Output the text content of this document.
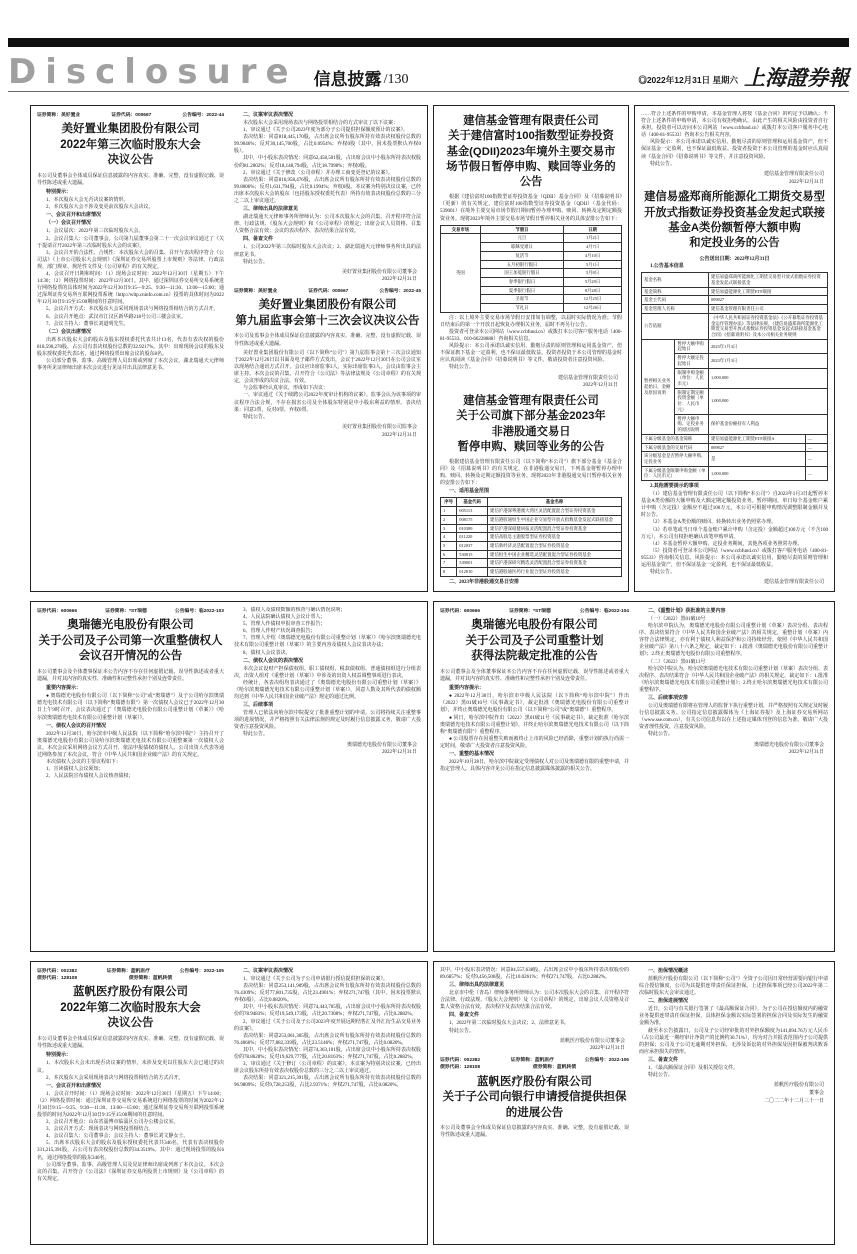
Disclosure 信息披露 /130	◎2022年12月31日 星期六 上海證券報
证券简称：美好置业	证券代码：000667	公告编号：2022-44
美好置业集团股份有限公司
2022年第三次临时股东大会
决议公告

本公司及董事会全体成员保证信息披露的内容真实、准确、完整，没有虚假记载、误导性陈述或重大遗漏。

特别提示：

1、本次股东大会无否决议案的情形。

2、本次股东大会不涉及变更前次股东大会决议。

一、会议召开和出席情况

（一）会议召开情况

1、会议届次：2022年第三次临时股东大会。

2、会议召集人：公司董事会。公司第九届董事会第二十一次会议审议通过了《关于提请召开2022年第三次临时股东大会的议案》。

3、会议召开的合法性、合规性：本次股东大会的召集、召开与表决程序符合《公司法》《上市公司股东大会规则》《深圳证券交易所股票上市规则》等法律、行政法规、部门规章、规范性文件及《公司章程》的有关规定。

4、会议召开日期和时间：（1）现场会议时间：2022年12月30日（星期五）下午14:30；（2）网络投票时间：2022年12月30日。其中，通过深圳证券交易所交易系统进行网络投票的具体时间为2022年12月30日9:15—9:25、9:30—11:30、13:00—15:00；通过深圳证券交易所互联网投票系统（http://wltp.cninfo.com.cn）投票的具体时间为2022年12月30日9:15至15:00期间的任意时间。

5、会议召开方式：本次股东大会采用现场表决与网络投票相结合的方式召开。

6、会议召开地点：武汉市江汉区新华路218号公司三楼会议室。

7、会议主持人：董事长刘道明先生。

（二）会议出席情况

出席本次股东大会的股东及股东授权委托代表共计13名，代表有表决权的股份818,590,270股，占公司有表决权股份总数的32.9217%。其中：出席现场会议的股东及股东授权委托代表5名，通过网络投票出席会议的股东8名。

公司部分董事、监事、高级管理人员出席或列席了本次会议，湖北瑞通天元律师事务所见证律师出席本次会议进行见证并出具法律意见书。

二、议案审议表决情况

本次股东大会采用现场表决与网络投票相结合的方式审议了以下议案：

1、审议通过《关于公司2023年度为部分子公司提供担保额度预计的议案》。

表决结果：同意818,445,170股，占出席会议所有股东所持有效表决权股份总数的99.9046%；反对30,145,700股，占比0.0954%；弃权0股（其中，因未投票默认弃权0股）。

其中，中小股东表决情况：同意62,458,501股，占出席会议中小股东所持表决权股份的81.2002%；反对18,148,794股，占比18.7998%；弃权0股。

2、审议通过《关于修改〈公司章程〉并办理工商变更登记的议案》。

表决结果：同意816,958,476股，占出席会议所有股东所持有效表决权股份总数的99.8006%；反对1,631,794股，占比0.1994%；弃权0股。本议案为特别决议议案，已经出席本次股东大会的股东（包括股东授权委托代表）所持有效表决权股份总数的三分之二以上审议通过。

三、律师出具的法律意见

湖北瑞通天元律师事务所律师认为：公司本次股东大会的召集、召开程序符合法律、行政法规、《股东大会规则》和《公司章程》的规定；出席会议人员资格、召集人资格合法有效；会议的表决程序、表决结果合法有效。

四、备查文件

1、公司2022年第三次临时股东大会决议；2、湖北瑞通天元律师事务所出具的法律意见书。

特此公告。

美好置业集团股份有限公司董事会
2022年12月31日
证券简称：美好置业	证券代码：000667	公告编号：2022-45
美好置业集团股份有限公司
第九届监事会第十三次会议决议公告

本公司及监事会全体成员保证信息披露的内容真实、准确、完整，没有虚假记载、误导性陈述或重大遗漏。

美好置业集团股份有限公司（以下简称“公司”）第九届监事会第十三次会议通知于2022年12月26日以书面及电子邮件方式发出，会议于2022年12月30日在公司会议室以现场结合通讯方式召开。会议应出席监事3人，实际出席监事3人。会议由监事会主席主持。本次会议的召集、召开符合《公司法》等法律法规及《公司章程》的有关规定，会议形成的决议合法、有效。

与会监事经认真审议，形成如下决议：

一、审议通过《关于续聘公司2022年度审计机构的议案》。监事会认为该事项的审议程序合法合规，不存在损害公司及全体股东特别是中小股东利益的情形。表决结果：同意3票，反对0票，弃权0票。

特此公告。

美好置业集团股份有限公司监事会
2022年12月31日
建信基金管理有限责任公司
关于建信富时100指数型证券投资
基金(QDII)2023年境外主要交易市
场节假日暂停申购、赎回等业务的
公告

根据《建信富时100指数型证券投资基金（QDII）基金合同》及《招募说明书》（更新）的有关规定，建信富时100指数型证券投资基金（QDII）（基金代码：539001）在境外主要交易市场节假日期间暂停办理申购、赎回、转换及定期定额投资业务。现将2023年境外主要交易市场节假日暂停相关业务的具体安排公告如下：

交易市场	节假日	日期
英国	元旦	1月2日
	耶稣受难日	4月7日
	复活节	4月10日
	五月初银行假日	5月1日
	国王加冕银行假日	5月8日
	春季银行假日	5月29日
	夏季银行假日	8月28日
	圣诞节	12月25日
	节礼日	12月26日

注：以上境外主要交易市场节假日安排如有调整，以届时实际情况为准；节假日结束后的第一个开放日起恢复办理相关业务，届时不再另行公告。

投资者可登录本公司网站（www.ccbfund.cn）或拨打本公司客户服务电话（400-81-95533、010-66228888）咨询相关信息。

风险提示：本公司承诺以诚实信用、勤勉尽责的原则管理和运用基金资产，但不保证旗下基金一定盈利，也不保证最低收益。投资者投资于本公司管理的基金时应认真阅读《基金合同》《招募说明书》等文件。敬请投资者注意投资风险。

特此公告。

建信基金管理有限责任公司
2022年12月31日
建信基金管理有限责任公司
关于公司旗下部分基金2023年
非港股通交易日
暂停申购、赎回等业务的公告

根据建信基金管理有限责任公司（以下简称“本公司”）旗下部分基金《基金合同》及《招募说明书》的有关规定，在非港股通交易日，下列基金将暂停办理申购、赎回、转换及定期定额投资等业务。现将2023年非港股通交易日暂停相关业务的安排公告如下：

一、适用基金范围

序号	基金代码	基金名称
1	005113	建信沪港深粤港澳大湾区灵活配置混合型证券投资基金
2	008175	建信港股通恒生中国企业交易型开放式指数基金发起式联接基金
3	010389	建信沪港深稳健回报灵活配置混合型证券投资基金
4	011220	建信高股息主题股票型证券投资基金
5	012037	建信新经济灵活配置混合型证券投资基金
6	530015	建信恒生中国企业精选灵活配置混合型证券投资基金
7	539001	建信沪港深研究精选灵活配置混合型证券投资基金
8	012810	建信港股通医药行业混合型证券投资基金

二、2023年非港股通交易日安排

……符合上述条件的申购申请，本基金管理人将按《基金合同》的约定予以确认；不符合上述条件的申购申请，本公司有权拒绝确认，由此产生的相关风险由投资者自行承担。投资者可以访问本公司网站（www.ccbfund.cn）或拨打本公司客户服务中心电话（400-81-95533）咨询本公告相关内容。

风险提示：本公司承诺以诚实信用、勤勉尽责的原则管理和运用基金资产，但不保证基金一定盈利，也不保证最低收益。投资者投资于本公司管理的基金时应认真阅读《基金合同》《招募说明书》等文件，并注意投资风险。

特此公告。

建信基金管理有限责任公司
2022年12月31日
建信易盛郑商所能源化工期货交易型
开放式指数证券投资基金发起式联接
基金A类份额暂停大额申购
和定投业务的公告

公告送出日期：2022年12月31日

1.公告基本信息

基金名称		建信易盛郑商所能源化工期货交易型开放式指数证券投资基金发起式联接基金	
基金简称		建信易盛能源化工期货ETF联接	
基金主代码		009827	
基金管理人名称		建信基金管理有限责任公司	
公告依据		《中华人民共和国证券投资基金法》《公开募集证券投资基金运作管理办法》等法律法规，《建信易盛郑商所能源化工期货交易型开放式指数证券投资基金发起式联接基金基金合同》《招募说明书》及本公司相关业务规则	
暂停相关业务起始日、金额及原因说明	暂停大额申购起始日	2023年1月3日	
	暂停大额定投起始日	2023年1月3日	
	限制申购金额（单位：人民币元）	1,000,000	
	限制定期定额投资金额（单位：人民币元）	1,000,000	
	暂停大额申购、定投业务的原因说明	保护基金份额持有人利益	
下属分级基金的基金简称		建信易盛能源化工期货ETF联接A	—
下属分级基金的交易代码		009827	—
该分级基金是否暂停大额申购、定投业务		是	—
下属分级基金限制申购金额（单位：人民币元）		1,000,000	—

2.其他需要提示的事项

（1）建信基金管理有限责任公司（以下简称“本公司”）自2023年1月3日起暂停本基金A类份额的大额申购及大额定期定额投资业务。暂停期间，单日每个基金账户累计申购（含定投）金额应不超过100万元，本公司可根据申购情况调整限制金额并及时公告。

（2）本基金A类份额的赎回、转换转出业务仍照常办理。

（3）若单笔或当日单个基金账户累计申购（含定投）金额超过100万元（不含100万元），本公司有权拒绝确认该笔申购申请。

（4）本基金暂停大额申购、定投业务期间，其他各项业务照常办理。

（5）投资者可登录本公司网站（www.ccbfund.cn）或拨打客户服务电话（400-81-95533）咨询相关信息。风险提示：本公司承诺以诚实信用、勤勉尽责的原则管理和运用基金资产，但不保证基金一定盈利，也不保证最低收益。

特此公告。

建信基金管理有限责任公司
证券代码：600666	证券简称：*ST瑞德	公告编号：临2022-103
奥瑞德光电股份有限公司
关于公司及子公司第一次重整债权人
会议召开情况的公告

本公司董事会及全体董事保证本公告内容不存在任何虚假记载、误导性陈述或者重大遗漏，并对其内容的真实性、准确性和完整性承担个别及连带责任。

重要内容提示：

● 奥瑞德光电股份有限公司（以下简称“公司”或“奥瑞德”）及子公司哈尔滨奥瑞德光电技术有限公司（以下简称“奥瑞德有限”）第一次债权人会议已于2022年12月30日上午9时召开，会议表决通过了《奥瑞德光电股份有限公司重整计划（草案）》《哈尔滨奥瑞德光电技术有限公司重整计划（草案）》。

一、债权人会议的召开情况

2022年12月30日，哈尔滨市中级人民法院（以下简称“哈尔滨中院”）主持召开了奥瑞德光电股份有限公司及哈尔滨奥瑞德光电技术有限公司重整案第一次债权人会议。本次会议采用网络会议方式召开，依法申报债权的债权人、公司出资人代表等通过网络参加了本次会议，符合《中华人民共和国企业破产法》的有关规定。

本次债权人会议的主要议程如下：

1、宣读债权人会议须知；

2、人民法院宣布债权人会议核查债权；

3、债权人及债权数额的核查与确认情况说明；

4、人民法院确认债权人会议计票人；

5、管理人作债权申报审查工作报告；

6、管理人作财产状况调查报告；

7、管理人介绍《奥瑞德光电股份有限公司重整计划（草案）》《哈尔滨奥瑞德光电技术有限公司重整计划（草案）》的主要内容及债权人会议表决办法；

8、债权人会议表决。

二、债权人会议的表决情况

本次会议设财产担保债权组、职工债权组、税款债权组、普通债权组进行分组表决，出资人组对《重整计划（草案）》中涉及的出资人权益调整事项进行表决。

经统计，各表决组均表决通过了《奥瑞德光电股份有限公司重整计划（草案）》《哈尔滨奥瑞德光电技术有限公司重整计划（草案）》，同意人数及其所代表的债权额均达到《中华人民共和国企业破产法》规定的通过比例。

三、后续事项

管理人已依法向哈尔滨中院提交了批准重整计划的申请。公司将持续关注重整事项的进展情况，并严格按照有关法律法规的规定及时履行信息披露义务，敬请广大投资者注意投资风险。

特此公告。

奥瑞德光电股份有限公司董事会
2022年12月31日
证券代码：600666	证券简称：*ST瑞德	公告编号：临2022-104
奥瑞德光电股份有限公司
关于公司及子公司重整计划
获得法院裁定批准的公告

本公司董事会及全体董事保证本公告内容不存在任何虚假记载、误导性陈述或者重大遗漏，并对其内容的真实性、准确性和完整性承担个别及连带责任。

重要内容提示：

● 2022年12月30日，哈尔滨市中级人民法院（以下简称“哈尔滨中院”）作出（2022）黑01破10号《民事裁定书》，裁定批准《奥瑞德光电股份有限公司重整计划》，并终止奥瑞德光电股份有限公司（以下简称“公司”或“奥瑞德”）重整程序。

● 同日，哈尔滨中院作出（2022）黑01破11号《民事裁定书》，裁定批准《哈尔滨奥瑞德光电技术有限公司重整计划》，并终止哈尔滨奥瑞德光电技术有限公司（以下简称“奥瑞德有限”）重整程序。

● 公司股票存在因重整失败而被终止上市的风险已经消除，重整计划的执行尚需一定时间，敬请广大投资者注意投资风险。

一、重整的基本情况

2022年10月28日，哈尔滨中院裁定受理债权人对公司及奥瑞德有限的重整申请，并指定管理人。具体内容详见公司在指定信息披露媒体披露的相关公告。

二、《重整计划》获批准的主要内容

（一）（2022）黑01破10号

哈尔滨中院认为，奥瑞德光电股份有限公司重整计划（草案）表决分组、表决程序、表决结果符合《中华人民共和国企业破产法》的相关规定，重整计划（草案）内容符合法律规定，亦有利于债权人利益保护和公司持续经营。依照《中华人民共和国企业破产法》第八十六条之规定，裁定如下：1.批准《奥瑞德光电股份有限公司重整计划》；2.终止奥瑞德光电股份有限公司重整程序。

（二）（2022）黑01破11号

哈尔滨中院认为，哈尔滨奥瑞德光电技术有限公司重整计划（草案）表决分组、表决程序、表决结果符合《中华人民共和国企业破产法》的相关规定，裁定如下：1.批准《哈尔滨奥瑞德光电技术有限公司重整计划》；2.终止哈尔滨奥瑞德光电技术有限公司重整程序。

三、后续事项安排

公司及奥瑞德有限将在管理人的监督下执行重整计划，并严格按照有关规定及时履行信息披露义务。公司指定信息披露媒体为《上海证券报》及上海证券交易所网站（www.sse.com.cn），有关公司信息均以在上述指定媒体刊登的信息为准。敬请广大投资者理性投资，注意投资风险。

特此公告。

奥瑞德光电股份有限公司董事会
2022年12月31日
证券代码：002382	证券简称：蓝帆医疗	公告编号：2022-105
债券代码：128108	债券简称：蓝帆转债
蓝帆医疗股份有限公司
2022年第二次临时股东大会
决议公告

本公司及董事会全体成员保证信息披露的内容真实、准确、完整，没有虚假记载、误导性陈述或重大遗漏。

特别提示：

1、本次股东大会未出现否决议案的情形，未涉及变更以往股东大会已通过的决议。

2、本次股东大会采用现场表决与网络投票相结合的方式召开。

一、会议召开和出席情况

1、会议召开时间：（1）现场会议时间：2022年12月30日（星期五）下午14:00；（2）网络投票时间：通过深圳证券交易所交易系统进行网络投票的时间为2022年12月30日9:15—9:25、9:30—11:30、13:00—15:00；通过深圳证券交易所互联网投票系统投票的时间为2022年12月30日9:15至15:00期间的任意时间。

2、会议召开地点：山东省淄博市临淄区公司办公楼会议室。

3、会议召开方式：现场表决与网络投票相结合。

4、会议召集人：公司董事会；会议主持人：董事长刘文静女士。

5、出席本次股东大会的股东及股东授权委托代表共346名，代表有表决权股份331,215,391股，占公司有表决权股份总数的34.3519%。其中：通过现场投票的股东6名，通过网络投票的股东340名。

公司部分董事、监事、高级管理人员及见证律师出席或列席了本次会议。本次会议的召集、召开符合《公司法》《深圳证券交易所股票上市规则》及《公司章程》的有关规定。

二、议案审议表决情况

1、审议通过《关于公司为子公司申请银行授信提供担保的议案》。

表决结果：同意253,141,909股，占出席会议所有股东所持有效表决权股份总数的76.4309%；反对77,801,735股，占比23.4901%；弃权271,747股（其中，因未投票默认弃权0股），占比0.0820%。

其中，中小股东表决情况：同意74,443,705股，占出席会议中小股东所持表决权股份的78.9483%；反对19,549,173股，占比20.7308%；弃权271,747股，占比0.2882%。

2、审议通过《关于公司及子公司2023年度开展远期结售汇及外汇衍生品交易业务的议案》。

表决结果：同意253,061,305股，占出席会议所有股东所持有效表决权股份总数的76.4066%；反对77,882,339股，占比23.5146%；弃权271,747股，占比0.0820%。

其中，中小股东表决情况：同意74,363,101股，占出席会议中小股东所持表决权股份的78.8628%；反对19,629,777股，占比20.8163%；弃权271,747股，占比0.2882%。

3、审议通过《关于修订〈公司章程〉的议案》。本议案为特别决议议案，已经出席会议股东所持有效表决权股份总数的三分之二以上审议通过。

表决结果：同意321,215,391股，占出席会议所有股东所持有效表决权股份总数的96.9809%；反对9,728,253股，占比2.9371%；弃权271,747股，占比0.0820%。

其中，中小股东表决情况：同意84,557,638股，占出席会议中小股东所持表决权股份的89.6857%；反对9,456,506股，占比10.0261%；弃权271,747股，占比0.2882%。

三、律师出具的法律意见

北京市中伦（青岛）律师事务所律师认为：公司本次股东大会的召集、召开程序符合法律、行政法规、《股东大会规则》及《公司章程》的规定，出席会议人员资格及召集人资格合法有效，表决程序及表决结果合法有效。

四、备查文件

1、2022年第二次临时股东大会决议；2、法律意见书。

特此公告。

蓝帆医疗股份有限公司董事会
2022年12月31日
证券代码：002382	证券简称：蓝帆医疗	公告编号：2022-106
债券代码：128108	债券简称：蓝帆转债
蓝帆医疗股份有限公司
关于子公司向银行申请授信提供担保
的进展公告

本公司及董事会全体成员保证信息披露的内容真实、准确、完整，没有虚假记载、误导性陈述或重大遗漏。

一、担保情况概述

蓝帆医疗股份有限公司（以下简称“公司”）全资子公司因日常经营需要向银行申请综合授信额度，公司为其提供连带责任保证担保。上述担保事项已经公司2022年第二次临时股东大会审议通过。

二、担保进展情况

近日，公司与有关银行签署了《最高额保证合同》，为子公司在授信额度内的融资业务提供连带责任保证担保，具体担保金额以实际签署的担保合同及实际发生的融资金额为准。

截至本公告披露日，公司及子公司经审批的对外担保额度为141,894.76万元人民币（占公司最近一期经审计净资产的比例约30.71%），均为对合并报表范围内子公司提供的担保；公司及子公司无逾期对外担保，无涉及诉讼的对外担保及因担保被判决败诉而应承担损失的情形。

三、备查文件

1、《最高额保证合同》及相关授信文件。

特此公告。

蓝帆医疗股份有限公司
董事会
二〇二二年十二月三十一日
